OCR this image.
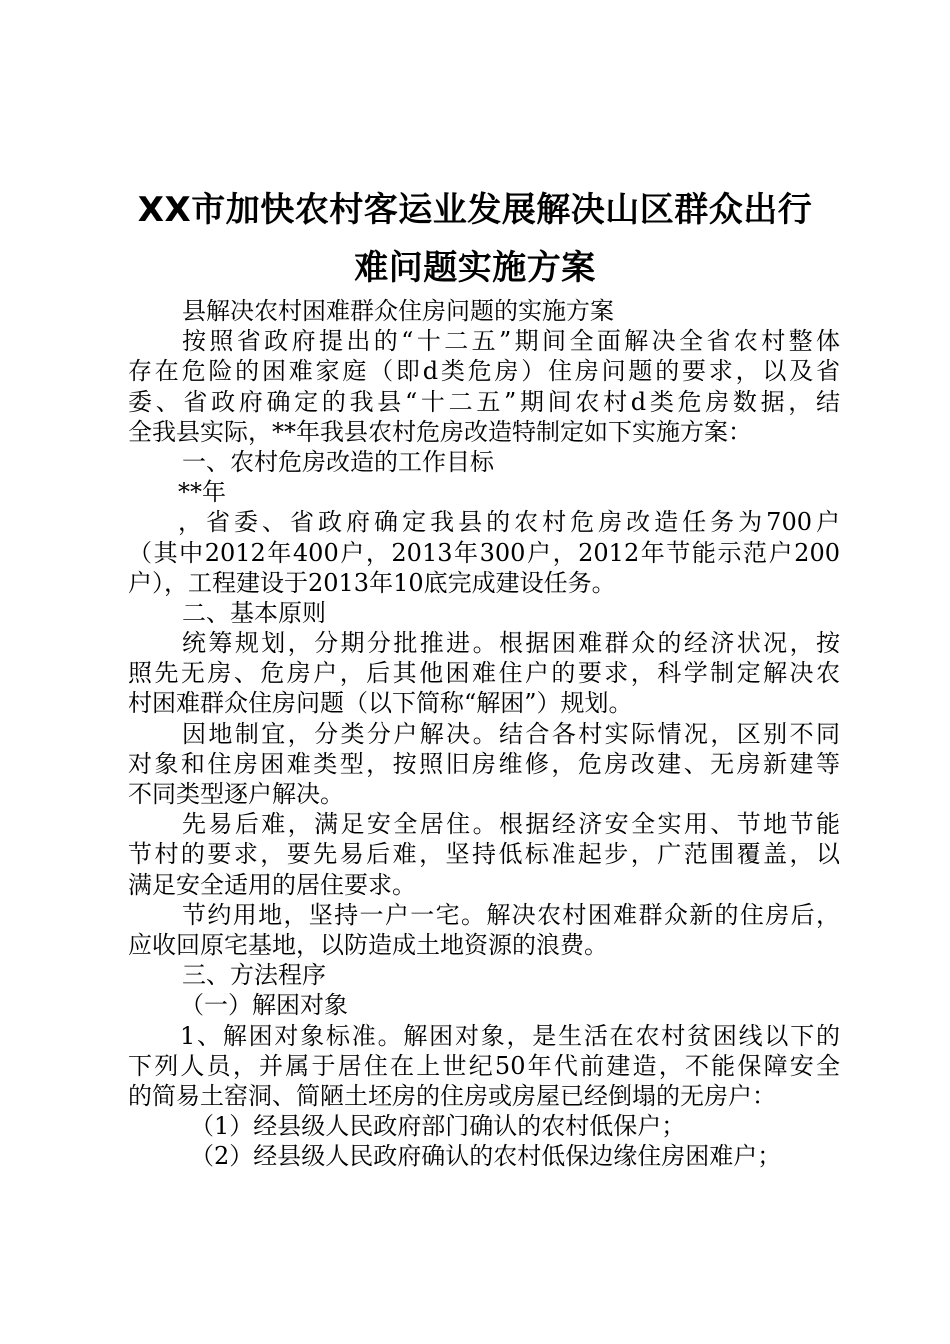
XX市加快农村客运业发展解决山区群众出行
难问题实施方案
县解决农村困难群众住房问题的实施方案
按照省政府提出的“十二五”期间全面解决全省农村整体
存在危险的困难家庭（即d类危房）住房问题的要求，以及省
委、省政府确定的我县“十二五”期间农村d类危房数据，结
全我县实际，**年我县农村危房改造特制定如下实施方案：
一、农村危房改造的工作目标
**年
，省委、省政府确定我县的农村危房改造任务为700户
（其中2012年400户，2013年300户，2012年节能示范户200
户），工程建设于2013年10底完成建设任务。
二、基本原则
统筹规划，分期分批推进。根据困难群众的经济状况，按
照先无房、危房户，后其他困难住户的要求，科学制定解决农
村困难群众住房问题（以下简称“解困”）规划。
因地制宜，分类分户解决。结合各村实际情况，区别不同
对象和住房困难类型，按照旧房维修，危房改建、无房新建等
不同类型逐户解决。
先易后难，满足安全居住。根据经济安全实用、节地节能
节村的要求，要先易后难，坚持低标准起步，广范围覆盖，以
满足安全适用的居住要求。
节约用地，坚持一户一宅。解决农村困难群众新的住房后，
应收回原宅基地，以防造成土地资源的浪费。
三、方法程序
（一）解困对象
1、解困对象标准。解困对象，是生活在农村贫困线以下的
下列人员，并属于居住在上世纪50年代前建造，不能保障安全
的简易土窑洞、简陋土坯房的住房或房屋已经倒塌的无房户：
（1）经县级人民政府部门确认的农村低保户；
（2）经县级人民政府确认的农村低保边缘住房困难户；
